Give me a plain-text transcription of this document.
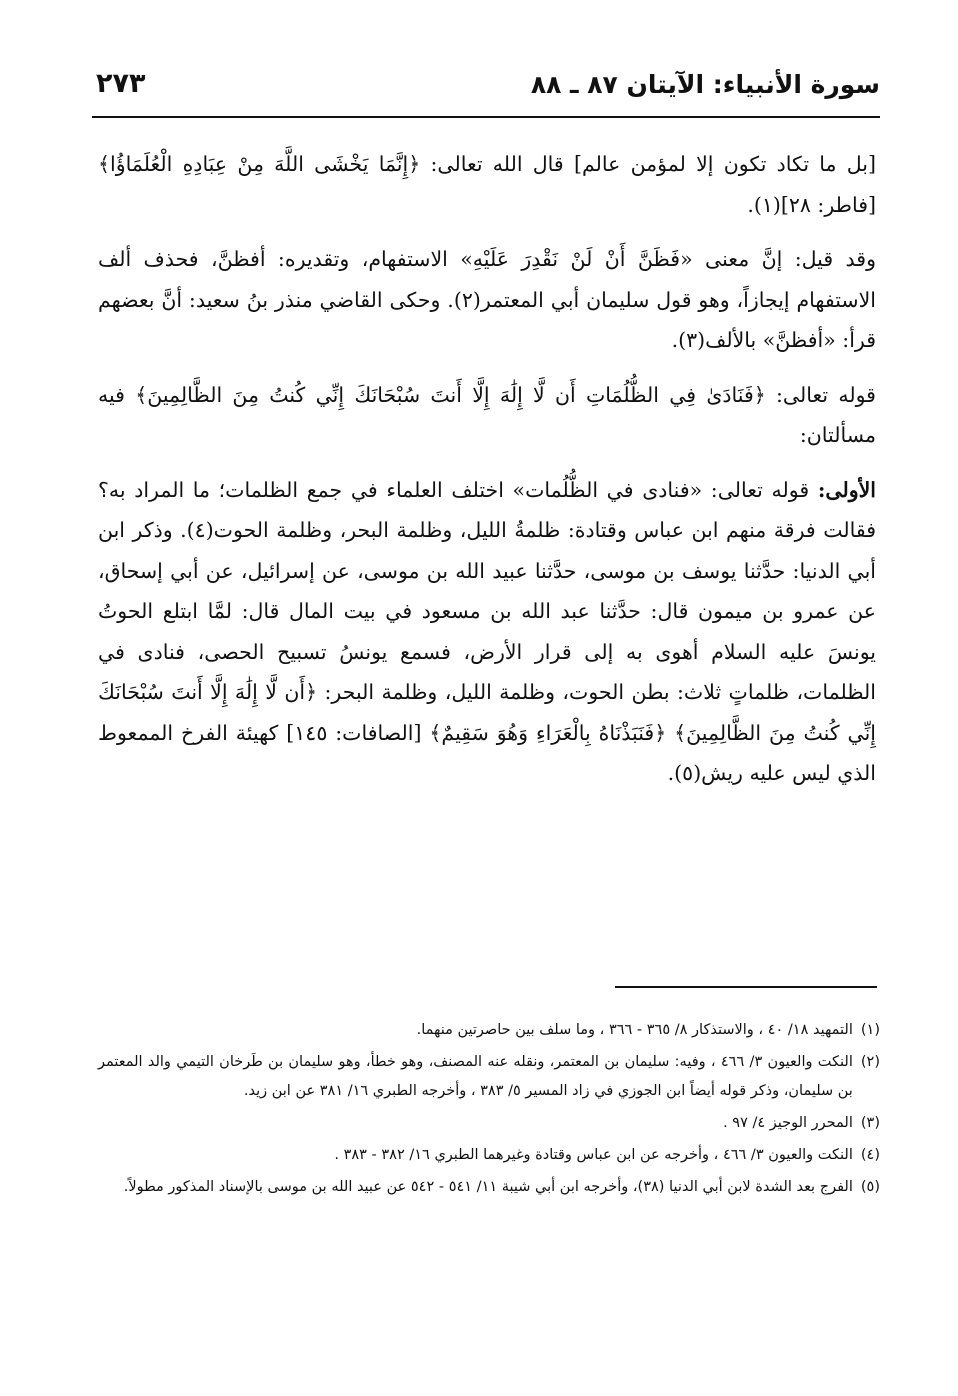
سورة الأنبياء: الآيتان ٨٧ ـ ٨٨
٢٧٣

[بل ما تكاد تكون إلا لمؤمن عالم] قال الله تعالى: ﴿إِنَّمَا يَخْشَى اللَّهَ مِنْ عِبَادِهِ الْعُلَمَاؤُا﴾ [فاطر: ٢٨](١).

وقد قيل: إنَّ معنى «فَظَنَّ أَنْ لَنْ نَقْدِرَ عَلَيْهِ» الاستفهام، وتقديره: أفظنَّ، فحذف ألف الاستفهام إيجازاً، وهو قول سليمان أبي المعتمر(٢). وحكى القاضي منذر بنُ سعيد: أنَّ بعضهم قرأ: «أفظنَّ» بالألف(٣).

قوله تعالى: ﴿فَنَادَىٰ فِي الظُّلُمَاتِ أَن لَّا إِلَٰهَ إِلَّا أَنتَ سُبْحَانَكَ إِنِّي كُنتُ مِنَ الظَّالِمِينَ﴾ فيه مسألتان:

الأولى: قوله تعالى: «فنادى في الظُّلُمات» اختلف العلماء في جمع الظلمات؛ ما المراد به؟ فقالت فرقة منهم ابن عباس وقتادة: ظلمةُ الليل، وظلمة البحر، وظلمة الحوت(٤). وذكر ابن أبي الدنيا: حدَّثنا يوسف بن موسى، حدَّثنا عبيد الله بن موسى، عن إسرائيل، عن أبي إسحاق، عن عمرو بن ميمون قال: حدَّثنا عبد الله بن مسعود في بيت المال قال: لمَّا ابتلع الحوتُ يونسَ عليه السلام أهوى به إلى قرار الأرض، فسمع يونسُ تسبيح الحصى، فنادى في الظلمات، ظلماتٍ ثلاث: بطن الحوت، وظلمة الليل، وظلمة البحر: ﴿أَن لَّا إِلَٰهَ إِلَّا أَنتَ سُبْحَانَكَ إِنِّي كُنتُ مِنَ الظَّالِمِينَ﴾ ﴿فَنَبَذْنَاهُ بِالْعَرَاءِ وَهُوَ سَقِيمٌ﴾ [الصافات: ١٤٥] كهيئة الفرخ الممعوط الذي ليس عليه ريش(٥).

(١)
التمهيد ١٨/ ٤٠ ، والاستذكار ٨/ ٣٦٥ - ٣٦٦ ، وما سلف بين حاصرتين منهما.
(٢)
النكت والعيون ٣/ ٤٦٦ ، وفيه: سليمان بن المعتمر، ونقله عنه المصنف، وهو خطأ، وهو سليمان بن طَرخان التيمي والد المعتمر بن سليمان، وذكر قوله أيضاً ابن الجوزي في زاد المسير ٥/ ٣٨٣ ، وأخرجه الطبري ١٦/ ٣٨١ عن ابن زيد.
(٣)
المحرر الوجيز ٤/ ٩٧ .
(٤)
النكت والعيون ٣/ ٤٦٦ ، وأخرجه عن ابن عباس وقتادة وغيرهما الطبري ١٦/ ٣٨٢ - ٣٨٣ .
(٥)
الفرج بعد الشدة لابن أبي الدنيا (٣٨)، وأخرجه ابن أبي شيبة ١١/ ٥٤١ - ٥٤٢ عن عبيد الله بن موسى بالإسناد المذكور مطولاً.
